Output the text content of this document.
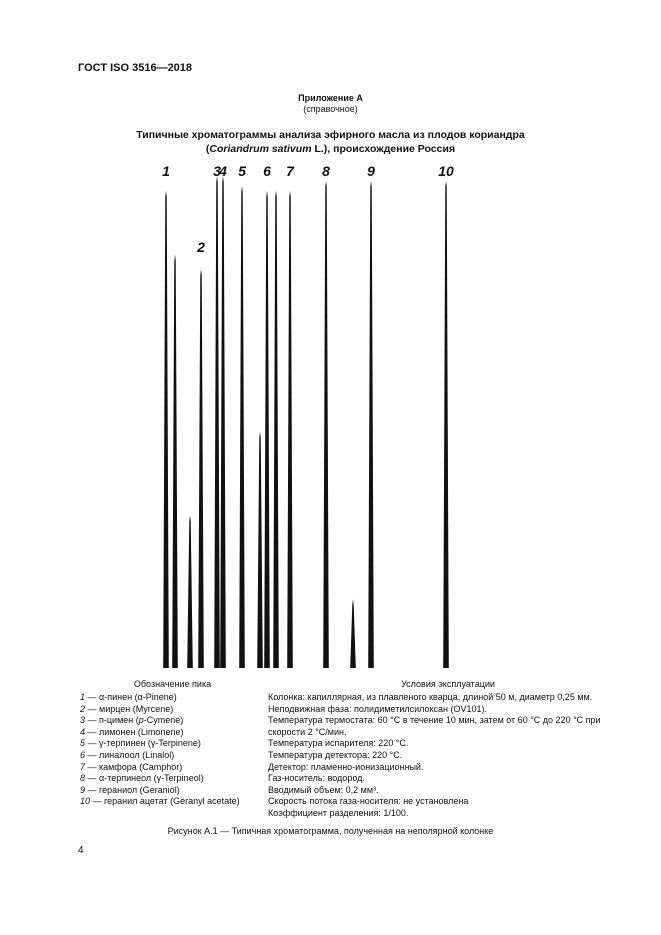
ГОСТ ISO 3516—2018
Приложение А
(справочное)
Типичные хроматограммы анализа эфирного масла из плодов кориандра
(Coriandrum sativum L.), происхождение Россия
1
2
3
4 5 6 7 8	9	10
Обозначение пика	Условия эксплуатации
1 — α-пинен (α-Pinene)
2 — мирцен (Myrcene)
3 — п-цимен (p-Cymene)
4 — лимонен (Limonene)
5 — γ-терпинен (γ-Terpinene)
6 — линалоол (Linalol)
7 — камфора (Camphor)
8 — α-терпинеол (γ-Terpineol)
9 — гераниол (Geraniol)
10 — геранил ацетат (Geranyl acetate)
Колонка: капиллярная, из плавленого кварца, длиной 50 м, диаметр 0,25 мм.
Неподвижная фаза: полидиметилсилоксан (OV101).
Температура термостата: 60 °C в течение 10 мин, затем от 60 °C до 220 °C при скорости 2 °C/мин.
Температура испарителя: 220 °C.
Температура детектора: 220 °C.
Детектор: пламенно-ионизационный.
Газ-носитель: водород.
Вводимый объем: 0,2 мм³.
Скорость потока газа-носителя: не установлена
Коэффициент разделения: 1/100.
Рисунок А.1 — Типичная хроматограмма, полученная на неполярной колонке
4
